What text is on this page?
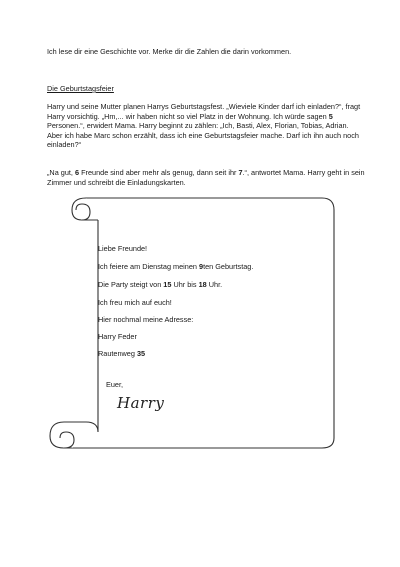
Ich lese dir eine Geschichte vor. Merke dir die Zahlen die darin vorkommen.
Die Geburtstagsfeier
Harry und seine Mutter planen Harrys Geburtstagsfest. „Wieviele Kinder darf ich einladen?“, fragt Harry vorsichtig. „Hm,... wir haben nicht so viel Platz in der Wohnung. Ich würde sagen 5 Personen.“, erwidert Mama. Harry beginnt zu zählen: „Ich, Basti, Alex, Florian, Tobias, Adrian. Aber ich habe Marc schon erzählt, dass ich eine Geburtstagsfeier mache. Darf ich ihn auch noch einladen?“
„Na gut, 6 Freunde sind aber mehr als genug, dann seit ihr 7.“, antwortet Mama. Harry geht in sein Zimmer und schreibt die Einladungskarten.
Liebe Freunde!
Ich feiere am Dienstag meinen 9ten Geburtstag.
Die Party steigt von 15 Uhr bis 18 Uhr.
Ich freu mich auf euch!
Hier nochmal meine Adresse:
Harry Feder
Rautenweg 35
Euer,
Harry
